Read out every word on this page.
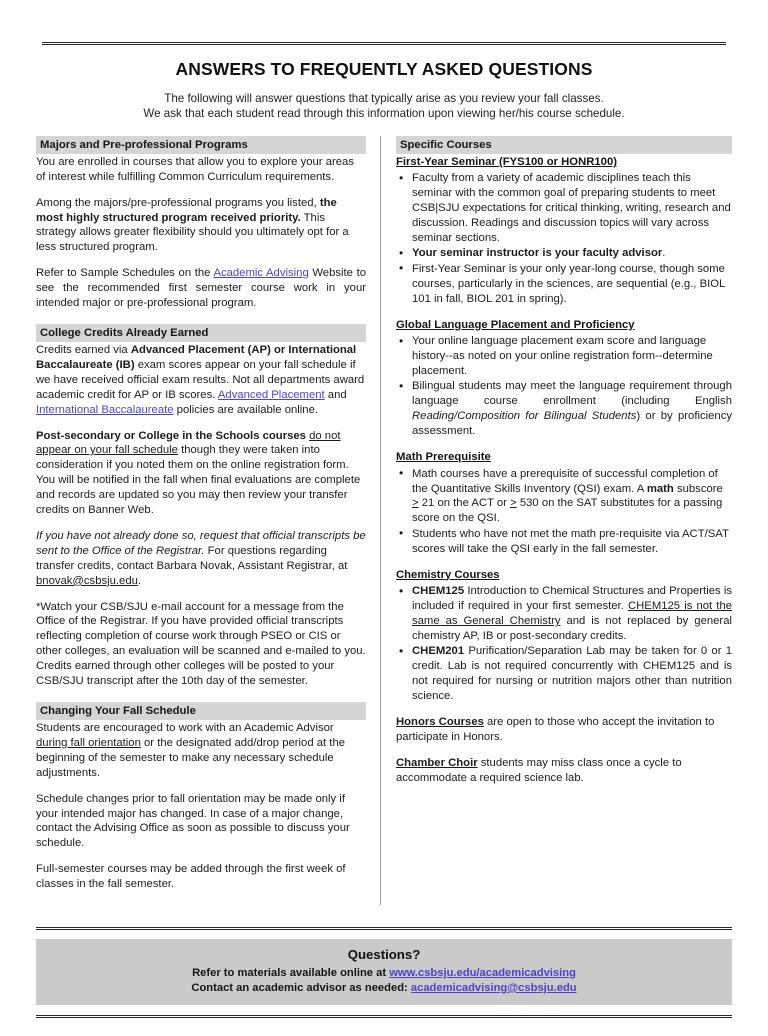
ANSWERS TO FREQUENTLY ASKED QUESTIONS

The following will answer questions that typically arise as you review your fall classes.
We ask that each student read through this information upon viewing her/his course schedule.

Majors and Pre-professional Programs

You are enrolled in courses that allow you to explore your areas of interest while fulfilling Common Curriculum requirements.

Among the majors/pre-professional programs you listed, the most highly structured program received priority. This strategy allows greater flexibility should you ultimately opt for a less structured program.

Refer to Sample Schedules on the Academic Advising Website to see the recommended first semester course work in your intended major or pre-professional program.

College Credits Already Earned

Credits earned via Advanced Placement (AP) or International Baccalaureate (IB) exam scores appear on your fall schedule if we have received official exam results. Not all departments award academic credit for AP or IB scores. Advanced Placement and International Baccalaureate policies are available online.

Post-secondary or College in the Schools courses do not appear on your fall schedule though they were taken into consideration if you noted them on the online registration form. You will be notified in the fall when final evaluations are complete and records are updated so you may then review your transfer credits on Banner Web.

If you have not already done so, request that official transcripts be sent to the Office of the Registrar. For questions regarding transfer credits, contact Barbara Novak, Assistant Registrar, at bnovak@csbsju.edu.

*Watch your CSB/SJU e-mail account for a message from the Office of the Registrar. If you have provided official transcripts reflecting completion of course work through PSEO or CIS or other colleges, an evaluation will be scanned and e-mailed to you. Credits earned through other colleges will be posted to your CSB/SJU transcript after the 10th day of the semester.

Changing Your Fall Schedule

Students are encouraged to work with an Academic Advisor during fall orientation or the designated add/drop period at the beginning of the semester to make any necessary schedule adjustments.

Schedule changes prior to fall orientation may be made only if your intended major has changed. In case of a major change, contact the Advising Office as soon as possible to discuss your schedule.

Full-semester courses may be added through the first week of classes in the fall semester.

Specific Courses
First-Year Seminar (FYS100 or HONR100)
• Faculty from a variety of academic disciplines teach this seminar with the common goal of preparing students to meet CSB|SJU expectations for critical thinking, writing, research and discussion. Readings and discussion topics will vary across seminar sections.
• Your seminar instructor is your faculty advisor.
• First-Year Seminar is your only year-long course, though some courses, particularly in the sciences, are sequential (e.g., BIOL 101 in fall, BIOL 201 in spring).
Global Language Placement and Proficiency
• Your online language placement exam score and language history--as noted on your online registration form--determine placement.
• Bilingual students may meet the language requirement through language course enrollment (including English Reading/Composition for Bilingual Students) or by proficiency assessment.
Math Prerequisite
• Math courses have a prerequisite of successful completion of the Quantitative Skills Inventory (QSI) exam. A math subscore ≥ 21 on the ACT or ≥ 530 on the SAT substitutes for a passing score on the QSI.
• Students who have not met the math pre-requisite via ACT/SAT scores will take the QSI early in the fall semester.
Chemistry Courses
• CHEM125 Introduction to Chemical Structures and Properties is included if required in your first semester. CHEM125 is not the same as General Chemistry and is not replaced by general chemistry AP, IB or post-secondary credits.
• CHEM201 Purification/Separation Lab may be taken for 0 or 1 credit. Lab is not required concurrently with CHEM125 and is not required for nursing or nutrition majors other than nutrition science.

Honors Courses are open to those who accept the invitation to participate in Honors.

Chamber Choir students may miss class once a cycle to accommodate a required science lab.

Questions?

Refer to materials available online at www.csbsju.edu/academicadvising

Contact an academic advisor as needed: academicadvising@csbsju.edu
